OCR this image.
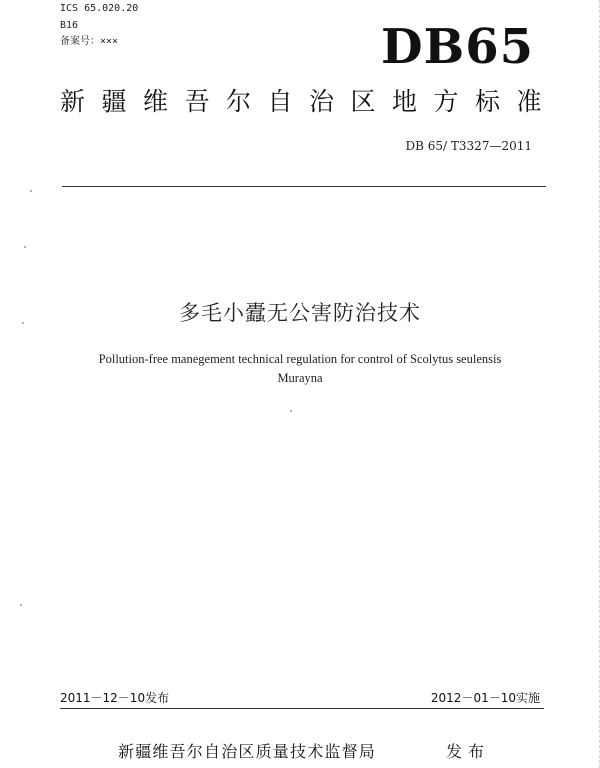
ICS 65.020.20
B16
备案号：×××	DB65
新疆维吾尔自治区地方标准
DB 65/ T3327—2011
多毛小蠹无公害防治技术
Pollution-free manegement technical regulation for control of Scolytus seulensis
Murayna
2011－12－10发布	2012－01－10实施
新疆维吾尔自治区质量技术监督局	发布
